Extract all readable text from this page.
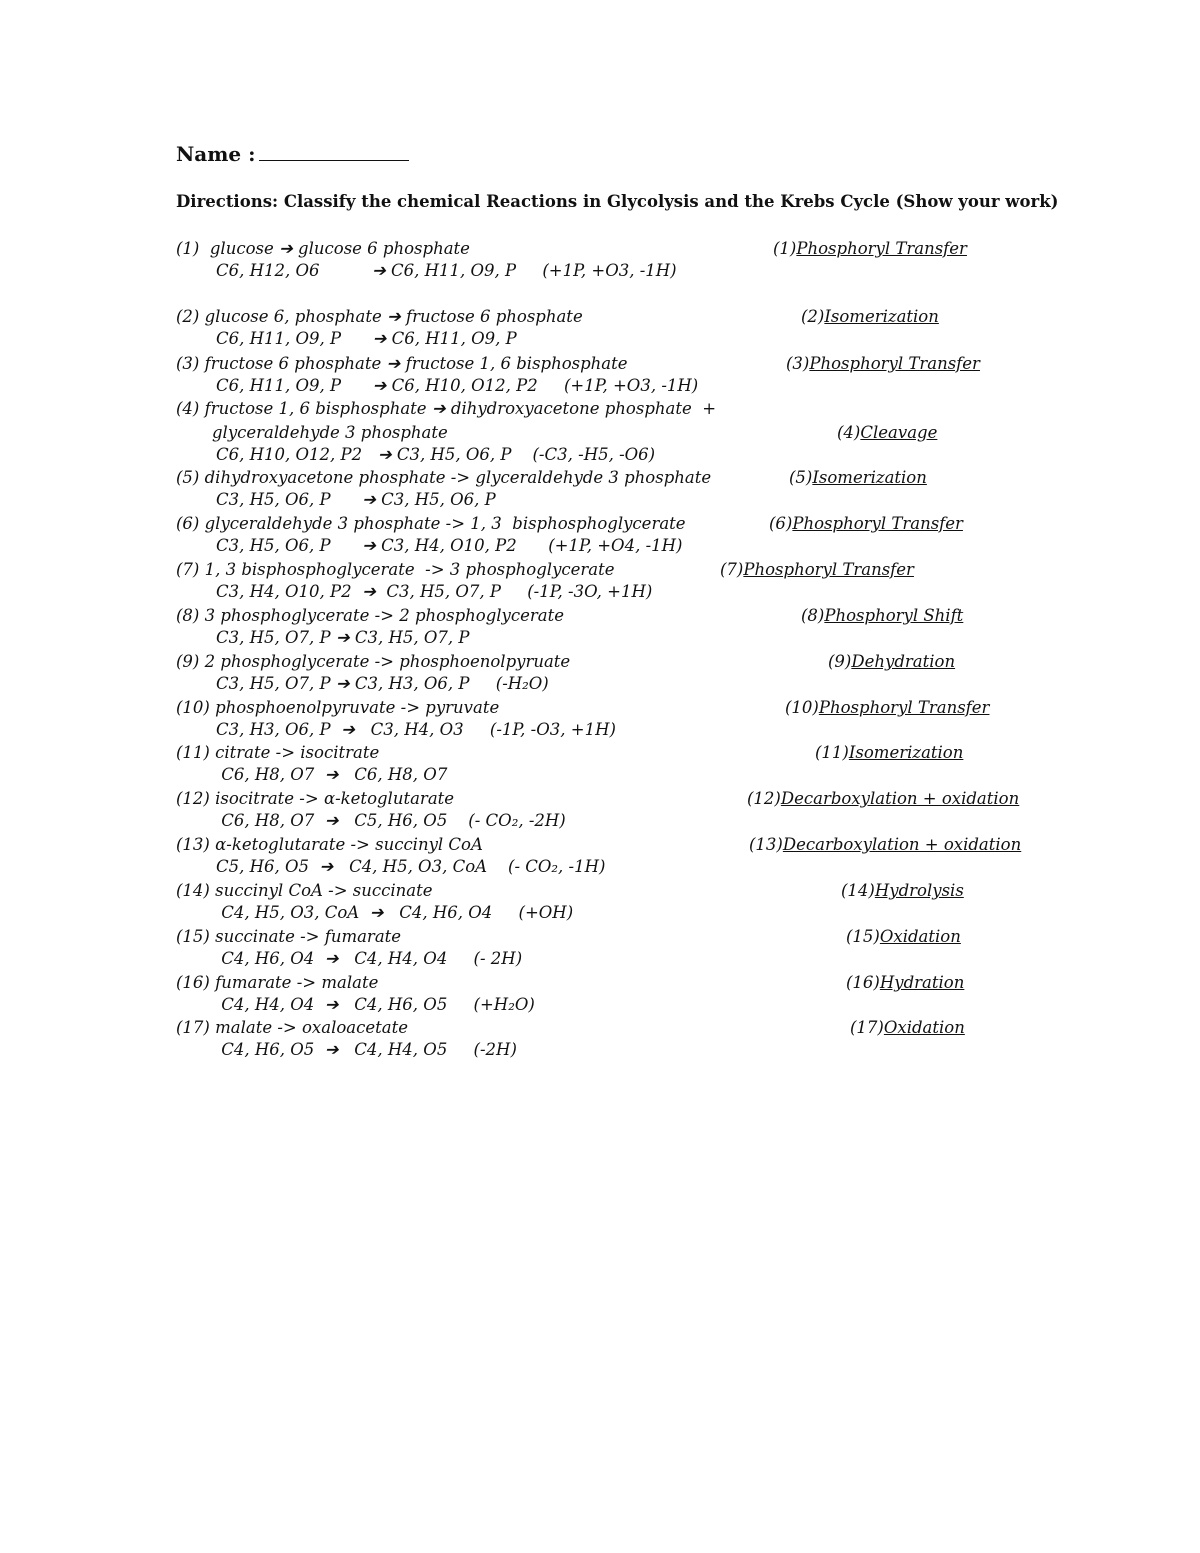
Name :
Directions: Classify the chemical Reactions in Glycolysis and the Krebs Cycle (Show your work)
(1)  glucose ➔ glucose 6 phosphate
C6, H12, O6          ➔ C6, H11, O9, P     (+1P, +O3, -1H)
(1)Phosphoryl Transfer
(2) glucose 6, phosphate ➔ fructose 6 phosphate
C6, H11, O9, P      ➔ C6, H11, O9, P
(2)Isomerization
(3) fructose 6 phosphate ➔ fructose 1, 6 bisphosphate
C6, H11, O9, P      ➔ C6, H10, O12, P2     (+1P, +O3, -1H)
(3)Phosphoryl Transfer
(4) fructose 1, 6 bisphosphate ➔ dihydroxyacetone phosphate  +
glyceraldehyde 3 phosphate
C6, H10, O12, P2   ➔ C3, H5, O6, P    (-C3, -H5, -O6)
(4)Cleavage
(5) dihydroxyacetone phosphate -> glyceraldehyde 3 phosphate
C3, H5, O6, P      ➔ C3, H5, O6, P
(5)Isomerization
(6) glyceraldehyde 3 phosphate -> 1, 3  bisphosphoglycerate
C3, H5, O6, P      ➔ C3, H4, O10, P2      (+1P, +O4, -1H)
(6)Phosphoryl Transfer
(7) 1, 3 bisphosphoglycerate  -> 3 phosphoglycerate
C3, H4, O10, P2  ➔  C3, H5, O7, P     (-1P, -3O, +1H)
(7)Phosphoryl Transfer
(8) 3 phosphoglycerate -> 2 phosphoglycerate
C3, H5, O7, P ➔ C3, H5, O7, P
(8)Phosphoryl Shift
(9) 2 phosphoglycerate -> phosphoenolpyruate
C3, H5, O7, P ➔ C3, H3, O6, P     (-H₂O)
(9)Dehydration
(10) phosphoenolpyruvate -> pyruvate
C3, H3, O6, P  ➔   C3, H4, O3     (-1P, -O3, +1H)
(10)Phosphoryl Transfer
(11) citrate -> isocitrate
C6, H8, O7  ➔   C6, H8, O7
(11)Isomerization
(12) isocitrate -> α-ketoglutarate
C6, H8, O7  ➔   C5, H6, O5    (- CO₂, -2H)
(12)Decarboxylation + oxidation
(13) α-ketoglutarate -> succinyl CoA
C5, H6, O5  ➔   C4, H5, O3, CoA    (- CO₂, -1H)
(13)Decarboxylation + oxidation
(14) succinyl CoA -> succinate
C4, H5, O3, CoA  ➔   C4, H6, O4     (+OH)
(14)Hydrolysis
(15) succinate -> fumarate
C4, H6, O4  ➔   C4, H4, O4     (- 2H)
(15)Oxidation
(16) fumarate -> malate
C4, H4, O4  ➔   C4, H6, O5     (+H₂O)
(16)Hydration
(17) malate -> oxaloacetate
C4, H6, O5  ➔   C4, H4, O5     (-2H)
(17)Oxidation
